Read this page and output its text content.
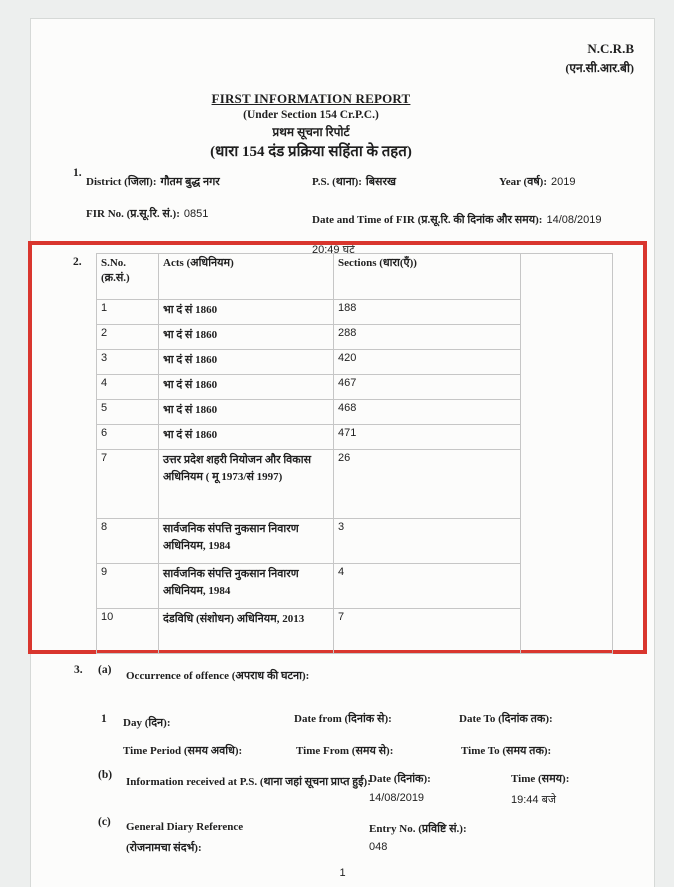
N.C.R.B
(एन.सी.आर.बी)
FIRST INFORMATION REPORT
(Under Section 154 Cr.P.C.)
प्रथम सूचना रिपोर्ट
(धारा 154 दंड प्रक्रिया सहिंता के तहत)
1.
District (जिला): गौतम बुद्ध नगर	P.S. (थाना): बिसरख	Year (वर्ष): 2019
FIR No. (प्र.सू.रि. सं.): 0851	Date and Time of FIR (प्र.सू.रि. की दिनांक और समय): 14/08/2019 20:49 घंटे
2. S.No.
(क्र.सं.)	Acts (अधिनियम)	Sections (धारा(एँ))	
1	भा दं सं 1860	188	
2	भा दं सं 1860	288	
3	भा दं सं 1860	420	
4	भा दं सं 1860	467	
5	भा दं सं 1860	468	
6	भा दं सं 1860	471	
7	उत्तर प्रदेश शहरी नियोजन और विकास अधिनियम ( मू 1973/सं 1997)	26	
8	सार्वजनिक संपत्ति नुकसान निवारण अधिनियम, 1984	3	
9	सार्वजनिक संपत्ति नुकसान निवारण अधिनियम, 1984	4	
10	दंडविधि (संशोधन) अधिनियम, 2013	7	
3. (a) Occurrence of offence (अपराध की घटना):
1 Day (दिन):	Date from (दिनांक से):	Date To (दिनांक तक):
Time Period (समय अवधि):	Time From (समय से):	Time To (समय तक):
(b)
Information received at P.S. (थाना जहां सूचना प्राप्त हुई):
Date (दिनांक):
14/08/2019
Time (समय):
19:44 बजे
(c) General Diary Reference
(रोजनामचा संदर्भ):
Entry No. (प्रविष्टि सं.):
048
1
